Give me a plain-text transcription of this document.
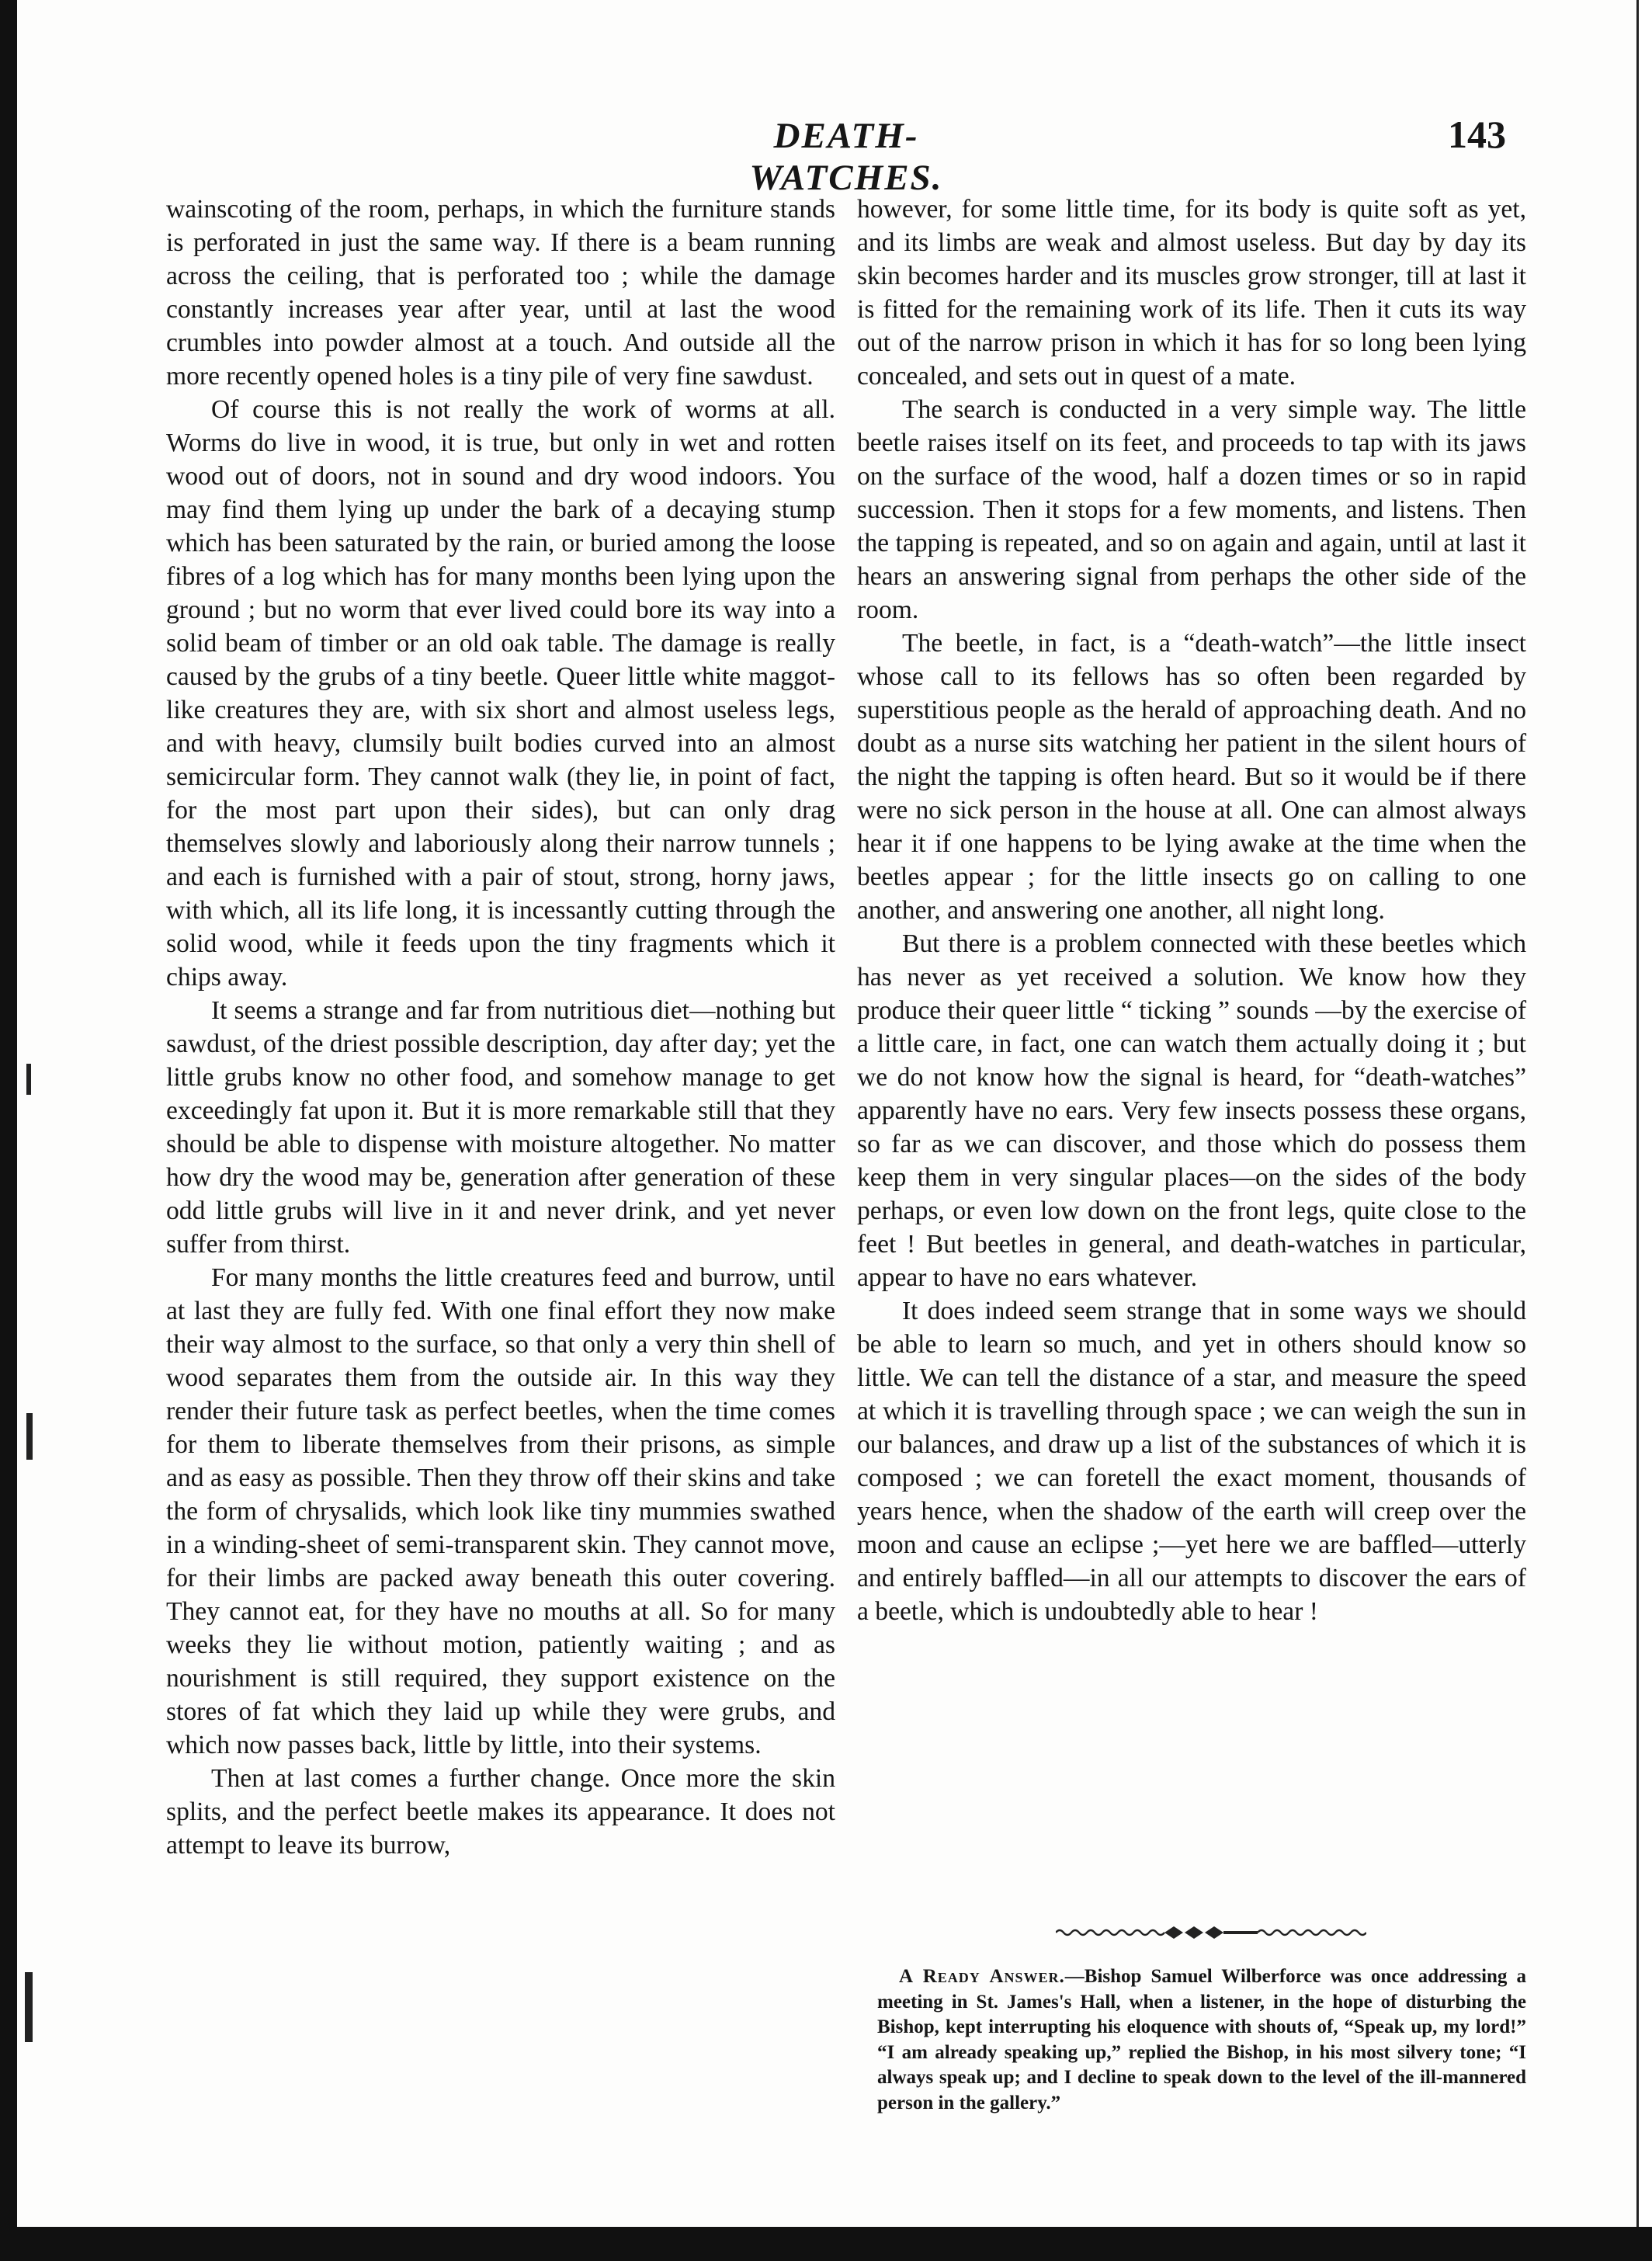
DEATH-WATCHES.
143

wainscoting of the room, perhaps, in which the furniture stands is perforated in just the same way. If there is a beam running across the ceiling, that is perforated too ; while the damage constantly increases year after year, until at last the wood crumbles into powder almost at a touch. And outside all the more recently opened holes is a tiny pile of very fine sawdust.

Of course this is not really the work of worms at all. Worms do live in wood, it is true, but only in wet and rotten wood out of doors, not in sound and dry wood indoors. You may find them lying up under the bark of a decaying stump which has been saturated by the rain, or buried among the loose fibres of a log which has for many months been lying upon the ground ; but no worm that ever lived could bore its way into a solid beam of timber or an old oak table. The damage is really caused by the grubs of a tiny beetle. Queer little white maggot-like creatures they are, with six short and almost useless legs, and with heavy, clumsily built bodies curved into an almost semicircular form. They cannot walk (they lie, in point of fact, for the most part upon their sides), but can only drag themselves slowly and laboriously along their narrow tunnels ; and each is furnished with a pair of stout, strong, horny jaws, with which, all its life long, it is incessantly cutting through the solid wood, while it feeds upon the tiny fragments which it chips away.

It seems a strange and far from nutritious diet—nothing but sawdust, of the driest possible description, day after day; yet the little grubs know no other food, and somehow manage to get exceedingly fat upon it. But it is more remarkable still that they should be able to dispense with moisture altogether. No matter how dry the wood may be, generation after generation of these odd little grubs will live in it and never drink, and yet never suffer from thirst.

For many months the little creatures feed and burrow, until at last they are fully fed. With one final effort they now make their way almost to the surface, so that only a very thin shell of wood separates them from the outside air. In this way they render their future task as perfect beetles, when the time comes for them to liberate themselves from their prisons, as simple and as easy as possible. Then they throw off their skins and take the form of chrysalids, which look like tiny mummies swathed in a winding-sheet of semi-transparent skin. They cannot move, for their limbs are packed away beneath this outer covering. They cannot eat, for they have no mouths at all. So for many weeks they lie without motion, patiently waiting ; and as nourishment is still required, they support existence on the stores of fat which they laid up while they were grubs, and which now passes back, little by little, into their systems.

Then at last comes a further change. Once more the skin splits, and the perfect beetle makes its appearance. It does not attempt to leave its burrow,

however, for some little time, for its body is quite soft as yet, and its limbs are weak and almost useless. But day by day its skin becomes harder and its muscles grow stronger, till at last it is fitted for the remaining work of its life. Then it cuts its way out of the narrow prison in which it has for so long been lying concealed, and sets out in quest of a mate.

The search is conducted in a very simple way. The little beetle raises itself on its feet, and proceeds to tap with its jaws on the surface of the wood, half a dozen times or so in rapid succession. Then it stops for a few moments, and listens. Then the tapping is repeated, and so on again and again, until at last it hears an answering signal from perhaps the other side of the room.

The beetle, in fact, is a “death-watch”—the little insect whose call to its fellows has so often been regarded by superstitious people as the herald of approaching death. And no doubt as a nurse sits watching her patient in the silent hours of the night the tapping is often heard. But so it would be if there were no sick person in the house at all. One can almost always hear it if one happens to be lying awake at the time when the beetles appear ; for the little insects go on calling to one another, and answering one another, all night long.

But there is a problem connected with these beetles which has never as yet received a solution. We know how they produce their queer little “ ticking ” sounds —by the exercise of a little care, in fact, one can watch them actually doing it ; but we do not know how the signal is heard, for “death-watches” apparently have no ears. Very few insects possess these organs, so far as we can discover, and those which do possess them keep them in very singular places—on the sides of the body perhaps, or even low down on the front legs, quite close to the feet ! But beetles in general, and death-watches in particular, appear to have no ears whatever.

It does indeed seem strange that in some ways we should be able to learn so much, and yet in others should know so little. We can tell the distance of a star, and measure the speed at which it is travelling through space ; we can weigh the sun in our balances, and draw up a list of the substances of which it is composed ; we can foretell the exact moment, thousands of years hence, when the shadow of the earth will creep over the moon and cause an eclipse ;—yet here we are baffled—utterly and entirely baffled—in all our attempts to discover the ears of a beetle, which is undoubtedly able to hear !

A Ready Answer.—Bishop Samuel Wilberforce was once addressing a meeting in St. James's Hall, when a listener, in the hope of disturbing the Bishop, kept interrupting his eloquence with shouts of, “Speak up, my lord!” “I am already speaking up,” replied the Bishop, in his most silvery tone; “I always speak up; and I decline to speak down to the level of the ill-mannered person in the gallery.”
